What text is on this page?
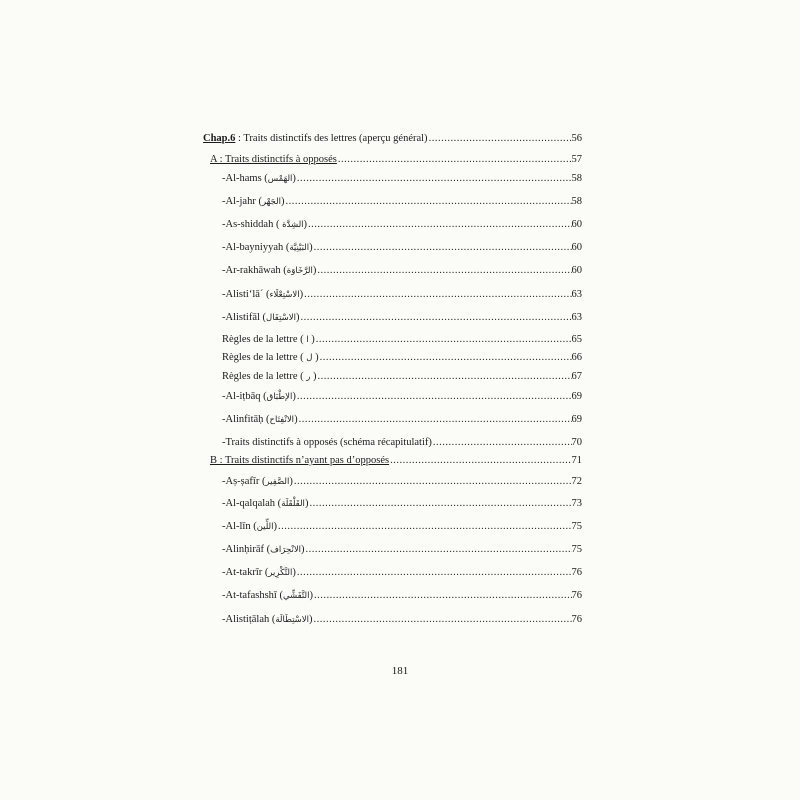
Chap.6 : Traits distinctifs des lettres (aperçu général) .....	56
A : Traits distinctifs à opposés .....	57
-Al-hams (الهَمْس) .....	58
-Al-jahr (الجَهْر) .....	58
-As-shiddah ( الشِدَّة) .....	60
-Al-bayniyyah (البَيْنِيَّة) .....	60
-Ar-rakhāwah (الرَّخَاوَة) .....	60
-Alisti‘lā´ (الاسْتِعْلَاء) .....	63
-Alistifāl (الاسْتِفَال) .....	63
Règles de la lettre ( ا ) .....	65
Règles de la lettre ( ل ) .....	66
Règles de la lettre ( ر ) .....	67
-Al-iṭbāq (الإطْبَاق) .....	69
-Alinfitāḥ (الانْفِتَاح) .....	69
-Traits distinctifs à opposés (schéma récapitulatif) .....	70
B : Traits distinctifs n’ayant pas d’opposés .....	71
-Aṣ-ṣafīr (الصَّفِير) .....	72
-Al-qalqalah (القَلْقَلَة) .....	73
-Al-līn (اللِّين) .....	75
-Alinḥirāf (الانْحِرَاف) .....	75
-At-takrīr (التَّكْرِير) .....	76
-At-tafashshī (التَّفَشِّي) .....	76
-Alistiṭālah (الاسْتِطَالَة) .....	76
181
